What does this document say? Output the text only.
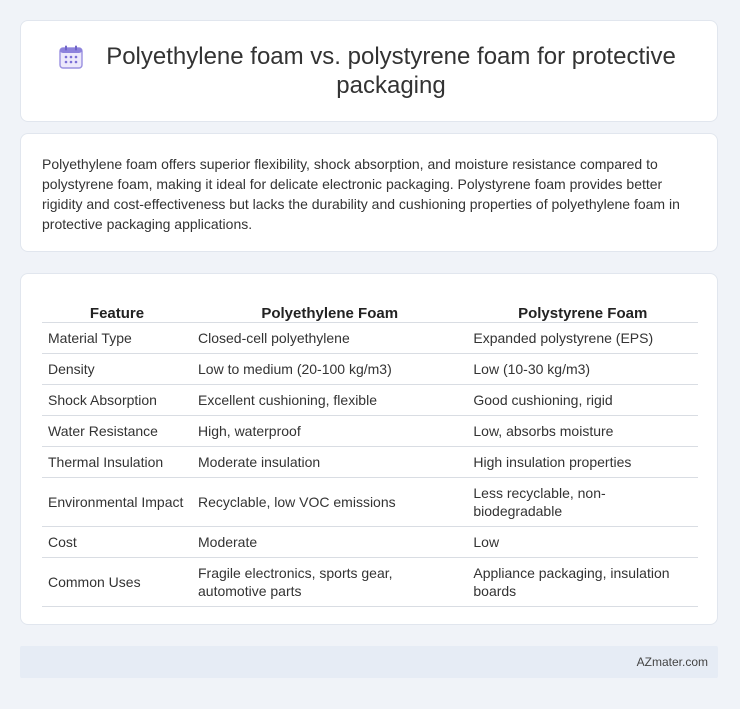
Polyethylene foam vs. polystyrene foam for protective packaging

Polyethylene foam offers superior flexibility, shock absorption, and moisture resistance compared to polystyrene foam, making it ideal for delicate electronic packaging. Polystyrene foam provides better rigidity and cost-effectiveness but lacks the durability and cushioning properties of polyethylene foam in protective packaging applications.

Feature	Polyethylene Foam	Polystyrene Foam
Material Type	Closed-cell polyethylene	Expanded polystyrene (EPS)
Density	Low to medium (20-100 kg/m3)	Low (10-30 kg/m3)
Shock Absorption	Excellent cushioning, flexible	Good cushioning, rigid
Water Resistance	High, waterproof	Low, absorbs moisture
Thermal Insulation	Moderate insulation	High insulation properties
Environmental Impact	Recyclable, low VOC emissions	Less recyclable, non-biodegradable
Cost	Moderate	Low
Common Uses	Fragile electronics, sports gear, automotive parts	Appliance packaging, insulation boards
AZmater.com
